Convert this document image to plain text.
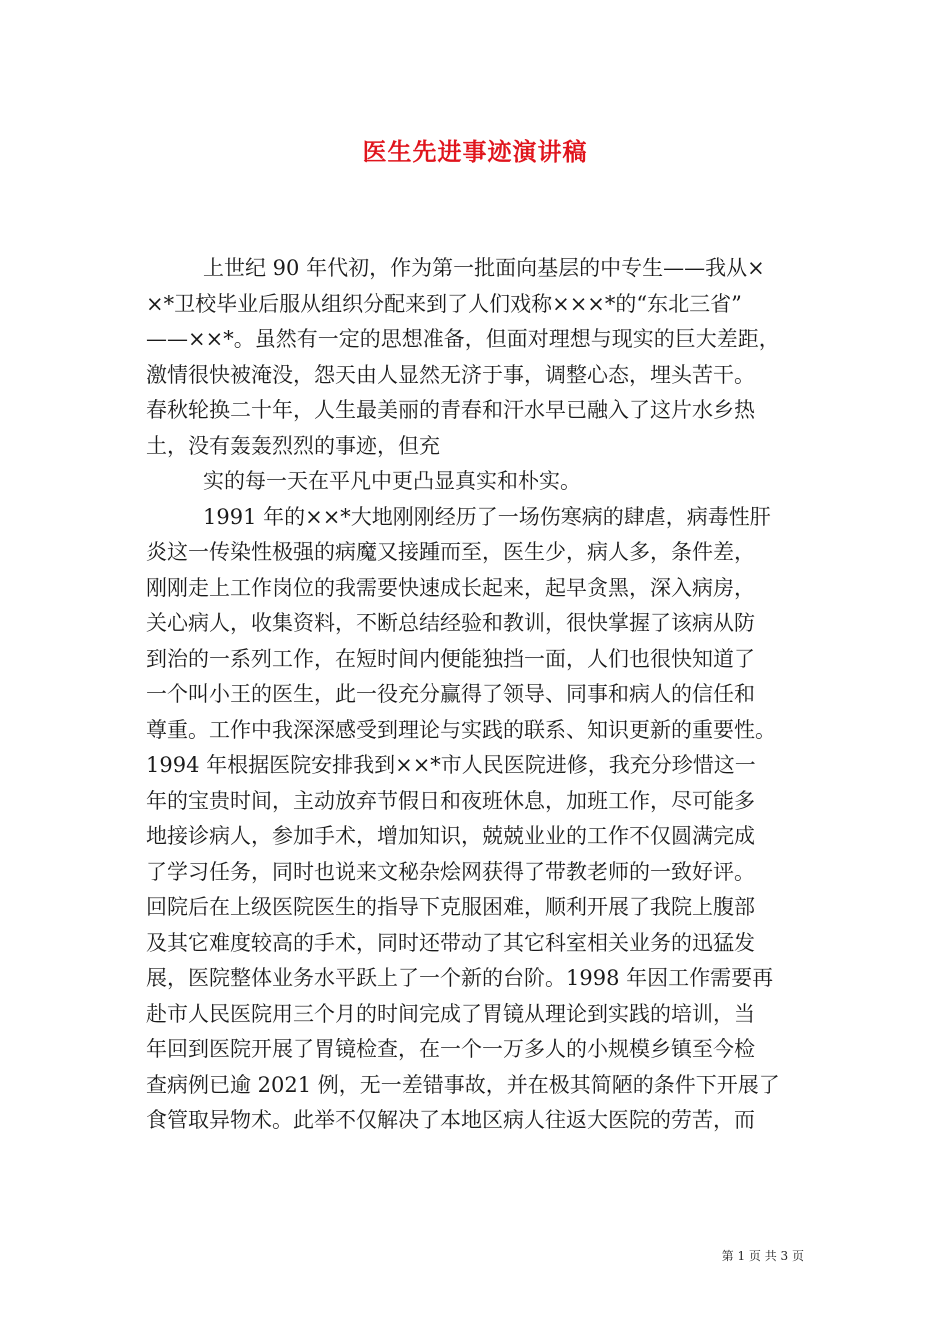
医生先进事迹演讲稿
上世纪 90 年代初，作为第一批面向基层的中专生——我从×
×*卫校毕业后服从组织分配来到了人们戏称×××*的“东北三省”
——××*。虽然有一定的思想准备，但面对理想与现实的巨大差距，
激情很快被淹没，怨天由人显然无济于事，调整心态，埋头苦干。
春秋轮换二十年，人生最美丽的青春和汗水早已融入了这片水乡热
土，没有轰轰烈烈的事迹，但充
实的每一天在平凡中更凸显真实和朴实。
1991 年的××*大地刚刚经历了一场伤寒病的肆虐，病毒性肝
炎这一传染性极强的病魔又接踵而至，医生少，病人多，条件差，
刚刚走上工作岗位的我需要快速成长起来，起早贪黑，深入病房，
关心病人，收集资料，不断总结经验和教训，很快掌握了该病从防
到治的一系列工作，在短时间内便能独挡一面，人们也很快知道了
一个叫小王的医生，此一役充分赢得了领导、同事和病人的信任和
尊重。工作中我深深感受到理论与实践的联系、知识更新的重要性。
1994 年根据医院安排我到××*市人民医院进修，我充分珍惜这一
年的宝贵时间，主动放弃节假日和夜班休息，加班工作，尽可能多
地接诊病人，参加手术，增加知识，兢兢业业的工作不仅圆满完成
了学习任务，同时也说来文秘杂烩网获得了带教老师的一致好评。
回院后在上级医院医生的指导下克服困难，顺利开展了我院上腹部
及其它难度较高的手术，同时还带动了其它科室相关业务的迅猛发
展，医院整体业务水平跃上了一个新的台阶。1998 年因工作需要再
赴市人民医院用三个月的时间完成了胃镜从理论到实践的培训，当
年回到医院开展了胃镜检查，在一个一万多人的小规模乡镇至今检
查病例已逾 2021 例，无一差错事故，并在极其简陋的条件下开展了
食管取异物术。此举不仅解决了本地区病人往返大医院的劳苦，而
第 1 页 共 3 页
